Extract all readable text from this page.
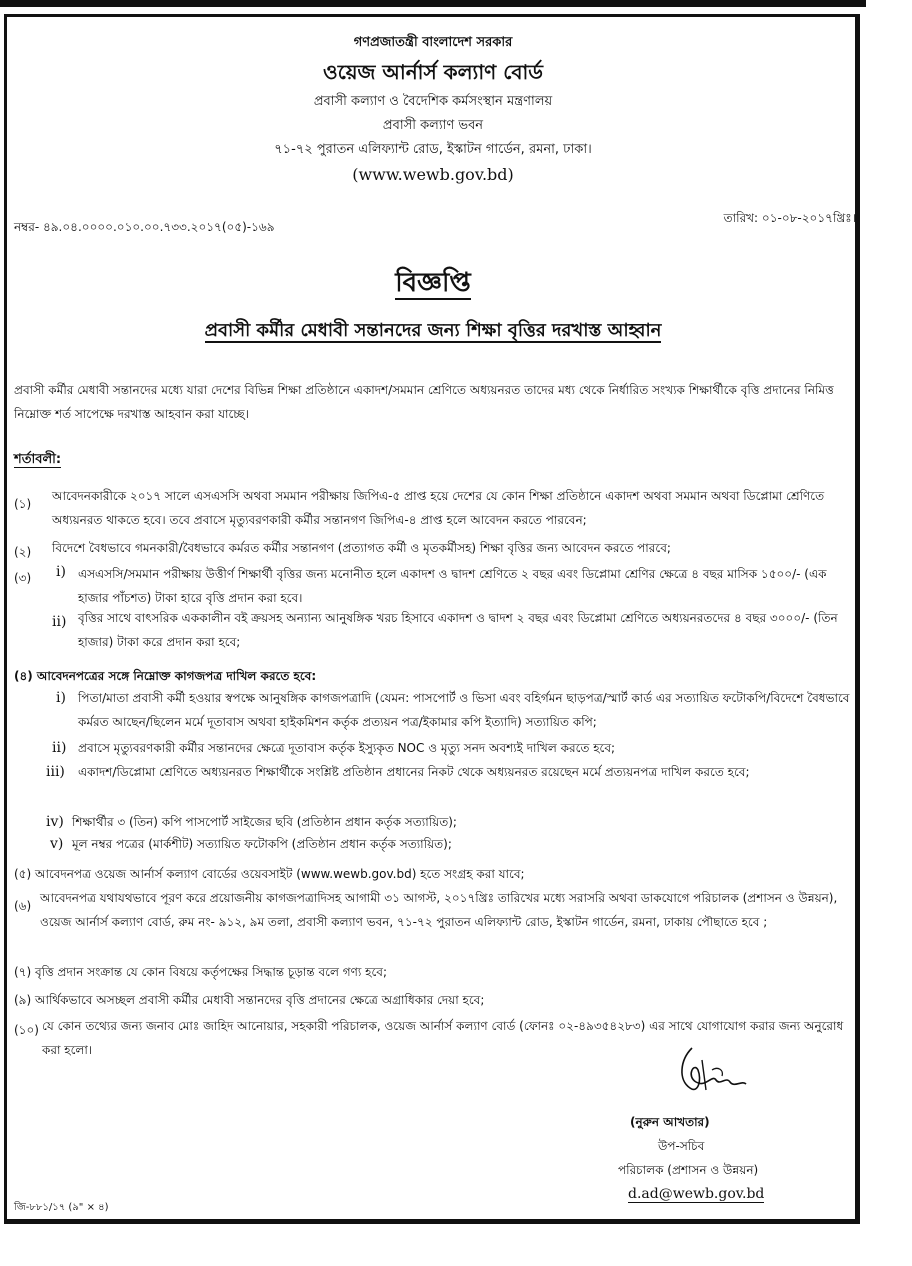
গণপ্রজাতন্ত্রী বাংলাদেশ সরকার
ওয়েজ আর্নার্স কল্যাণ বোর্ড
প্রবাসী কল্যাণ ও বৈদেশিক কর্মসংস্থান মন্ত্রণালয়
প্রবাসী কল্যাণ ভবন
৭১-৭২ পুরাতন এলিফ্যান্ট রোড, ইস্কাটন গার্ডেন, রমনা, ঢাকা।
(www.wewb.gov.bd)
নম্বর- ৪৯.০৪.০০০০.০১০.০০.৭৩৩.২০১৭(০৫)-১৬৯
তারিখ: ০১-০৮-২০১৭খ্রিঃ।
বিজ্ঞপ্তি
প্রবাসী কর্মীর মেধাবী সন্তানদের জন্য শিক্ষা বৃত্তির দরখাস্ত আহ্বান
প্রবাসী কর্মীর মেধাবী সন্তানদের মধ্যে যারা দেশের বিভিন্ন শিক্ষা প্রতিষ্ঠানে একাদশ/সমমান শ্রেণিতে অধ্যয়নরত তাদের মধ্য থেকে নির্ধারিত সংখ্যক শিক্ষার্থীকে বৃত্তি প্রদানের নিমিত্ত নিম্নোক্ত শর্ত সাপেক্ষে দরখাস্ত আহবান করা যাচ্ছে।
শর্তাবলী:
(১)
আবেদনকারীকে ২০১৭ সালে এসএসসি অথবা সমমান পরীক্ষায় জিপিএ-৫ প্রাপ্ত হয়ে দেশের যে কোন শিক্ষা প্রতিষ্ঠানে একাদশ অথবা সমমান অথবা ডিপ্লোমা শ্রেণিতে অধ্যয়নরত থাকতে হবে। তবে প্রবাসে মৃত্যুবরণকারী কর্মীর সন্তানগণ জিপিএ-৪ প্রাপ্ত হলে আবেদন করতে পারবেন;
(২) বিদেশে বৈধভাবে গমনকারী/বৈধভাবে কর্মরত কর্মীর সন্তানগণ (প্রত্যাগত কর্মী ও মৃতকর্মীসহ) শিক্ষা বৃত্তির জন্য আবেদন করতে পারবে;
(৩) i) এসএসসি/সমমান পরীক্ষায় উত্তীর্ণ শিক্ষার্থী বৃত্তির জন্য মনোনীত হলে একাদশ ও দ্বাদশ শ্রেণিতে ২ বছর এবং ডিপ্লোমা শ্রেণির ক্ষেত্রে ৪ বছর মাসিক ১৫০০/- (এক হাজার পাঁচশত) টাকা হারে বৃত্তি প্রদান করা হবে।
ii) বৃত্তির সাথে বাৎসরিক এককালীন বই ক্রয়সহ অন্যান্য আনুষঙ্গিক খরচ হিসাবে একাদশ ও দ্বাদশ ২ বছর এবং ডিপ্লোমা শ্রেণিতে অধ্যয়নরতদের ৪ বছর ৩০০০/- (তিন হাজার) টাকা করে প্রদান করা হবে;
(৪) আবেদনপত্রের সঙ্গে নিম্নোক্ত কাগজপত্র দাখিল করতে হবে:
i) পিতা/মাতা প্রবাসী কর্মী হওয়ার স্বপক্ষে আনুষঙ্গিক কাগজপত্রাদি (যেমন: পাসপোর্ট ও ভিসা এবং বহির্গমন ছাড়পত্র/স্মার্ট কার্ড এর সত্যায়িত ফটোকপি/বিদেশে বৈধভাবে কর্মরত আছেন/ছিলেন মর্মে দূতাবাস অথবা হাইকমিশন কর্তৃক প্রত্যয়ন পত্র/ইকামার কপি ইত্যাদি) সত্যায়িত কপি;
ii) প্রবাসে মৃত্যুবরণকারী কর্মীর সন্তানদের ক্ষেত্রে দূতাবাস কর্তৃক ইস্যুকৃত NOC ও মৃত্যু সনদ অবশ্যই দাখিল করতে হবে;
iii) একাদশ/ডিপ্লোমা শ্রেণিতে অধ্যয়নরত শিক্ষার্থীকে সংশ্লিষ্ট প্রতিষ্ঠান প্রধানের নিকট থেকে অধ্যয়নরত রয়েছেন মর্মে প্রত্যয়নপত্র দাখিল করতে হবে;
iv) শিক্ষার্থীর ৩ (তিন) কপি পাসপোর্ট সাইজের ছবি (প্রতিষ্ঠান প্রধান কর্তৃক সত্যায়িত);
v) মূল নম্বর পত্রের (মার্কশীট) সত্যায়িত ফটোকপি (প্রতিষ্ঠান প্রধান কর্তৃক সত্যায়িত);
(৫) আবেদনপত্র ওয়েজ আর্নার্স কল্যাণ বোর্ডের ওয়েবসাইট (www.wewb.gov.bd) হতে সংগ্রহ করা যাবে;
(৬)
আবেদনপত্র যথাযথভাবে পূরণ করে প্রয়োজনীয় কাগজপত্রাদিসহ আগামী ৩১ আগস্ট, ২০১৭খ্রিঃ তারিখের মধ্যে সরাসরি অথবা ডাকযোগে পরিচালক (প্রশাসন ও উন্নয়ন), ওয়েজ আর্নার্স কল্যাণ বোর্ড, রুম নং- ৯১২, ৯ম তলা, প্রবাসী কল্যাণ ভবন, ৭১-৭২ পুরাতন এলিফ্যান্ট রোড, ইস্কাটন গার্ডেন, রমনা, ঢাকায় পৌছাতে হবে ;
(৭) বৃত্তি প্রদান সংক্রান্ত যে কোন বিষয়ে কর্তৃপক্ষের সিদ্ধান্ত চূড়ান্ত বলে গণ্য হবে;
(৯) আর্থিকভাবে অসচ্ছল প্রবাসী কর্মীর মেধাবী সন্তানদের বৃত্তি প্রদানের ক্ষেত্রে অগ্রাধিকার দেয়া হবে;
(১০) যে কোন তথ্যের জন্য জনাব মোঃ জাহিদ আনোয়ার, সহকারী পরিচালক, ওয়েজ আর্নার্স কল্যাণ বোর্ড (ফোনঃ ০২-৪৯৩৫৪২৮৩) এর সাথে যোগাযোগ করার জন্য অনুরোধ করা হলো।
(নুরুন আখতার)
উপ-সচিব
পরিচালক (প্রশাসন ও উন্নয়ন)
d.ad@wewb.gov.bd
জি-৮৮১/১৭ (৯" × ৪)
